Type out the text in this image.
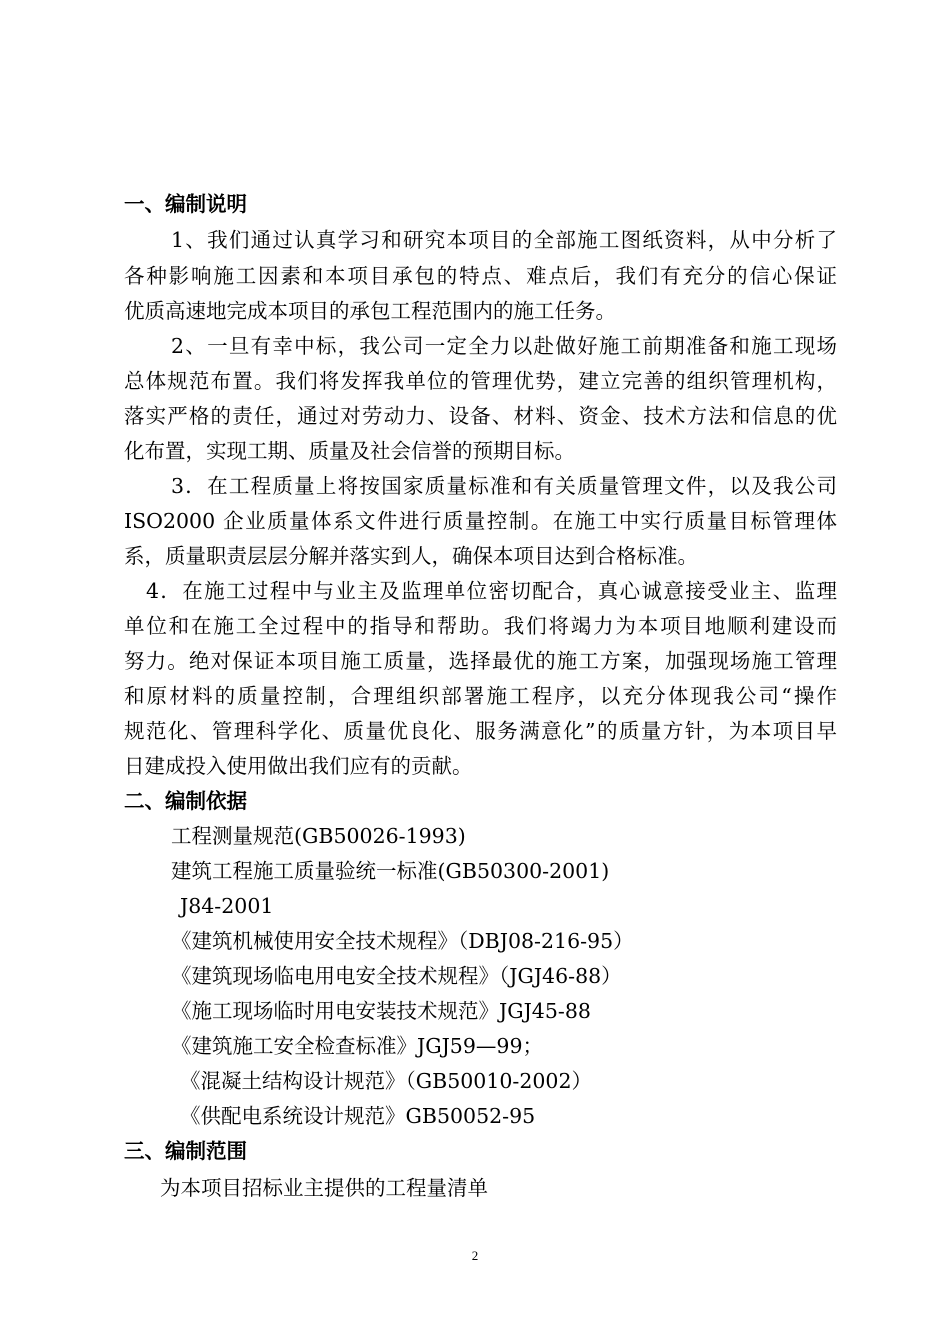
一、编制说明
1、我们通过认真学习和研究本项目的全部施工图纸资料，从中分析了
各种影响施工因素和本项目承包的特点、难点后，我们有充分的信心保证
优质高速地完成本项目的承包工程范围内的施工任务。
2、一旦有幸中标，我公司一定全力以赴做好施工前期准备和施工现场
总体规范布置。我们将发挥我单位的管理优势，建立完善的组织管理机构，
落实严格的责任，通过对劳动力、设备、材料、资金、技术方法和信息的优
化布置，实现工期、质量及社会信誉的预期目标。
3．在工程质量上将按国家质量标准和有关质量管理文件，以及我公司
ISO2000 企业质量体系文件进行质量控制。在施工中实行质量目标管理体
系，质量职责层层分解并落实到人，确保本项目达到合格标准。
4．在施工过程中与业主及监理单位密切配合，真心诚意接受业主、监理
单位和在施工全过程中的指导和帮助。我们将竭力为本项目地顺利建设而
努力。绝对保证本项目施工质量，选择最优的施工方案，加强现场施工管理
和原材料的质量控制，合理组织部署施工程序，以充分体现我公司“操作
规范化、管理科学化、质量优良化、服务满意化”的质量方针，为本项目早
日建成投入使用做出我们应有的贡献。
二、编制依据
工程测量规范(GB50026-1993)
建筑工程施工质量验统一标准(GB50300-2001)
J84-2001
《建筑机械使用安全技术规程》（DBJ08-216-95）
《建筑现场临电用电安全技术规程》（JGJ46-88）
《施工现场临时用电安装技术规范》JGJ45-88
《建筑施工安全检查标准》JGJ59—99；
《混凝土结构设计规范》（GB50010-2002）
《供配电系统设计规范》GB50052-95
三、编制范围
为本项目招标业主提供的工程量清单
2
